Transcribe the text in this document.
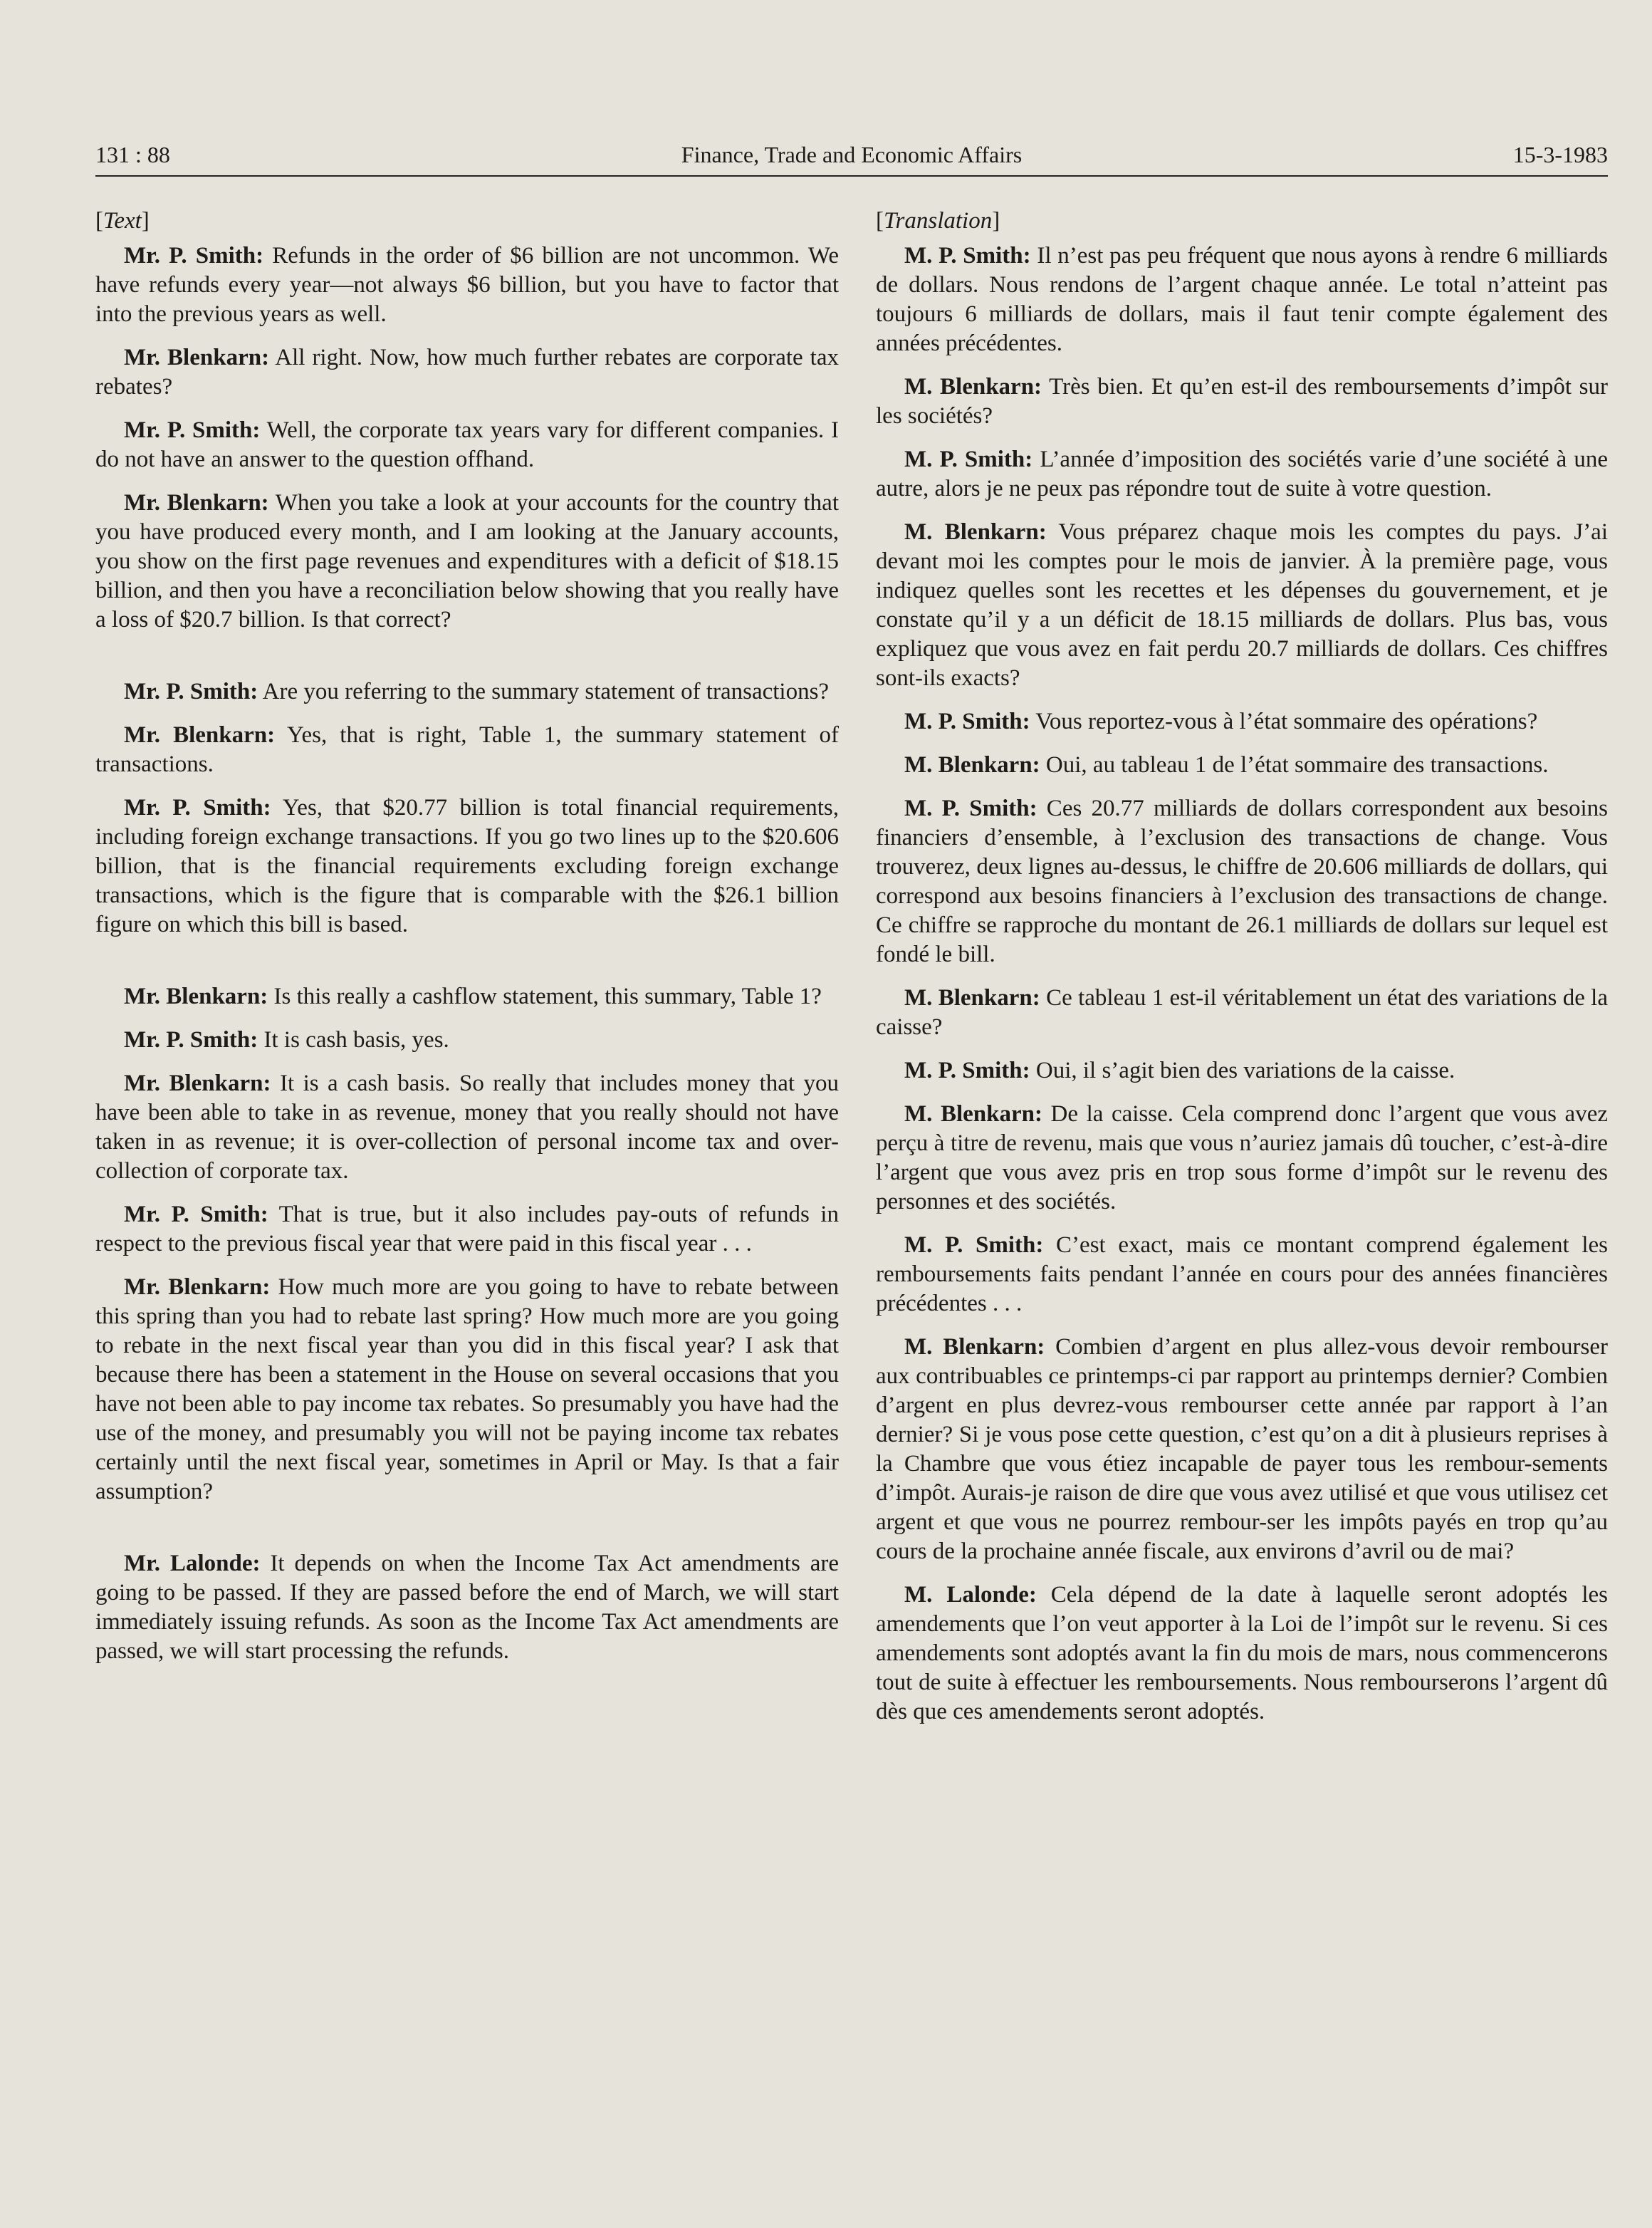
131 : 88	Finance, Trade and Economic Affairs	15-3-1983
[Text]

Mr. P. Smith: Refunds in the order of $6 billion are not uncommon. We have refunds every year—not always $6 billion, but you have to factor that into the previous years as well.

Mr. Blenkarn: All right. Now, how much further rebates are corporate tax rebates?

Mr. P. Smith: Well, the corporate tax years vary for different companies. I do not have an answer to the question offhand.

Mr. Blenkarn: When you take a look at your accounts for the country that you have produced every month, and I am looking at the January accounts, you show on the first page revenues and expenditures with a deficit of $18.15 billion, and then you have a reconciliation below showing that you really have a loss of $20.7 billion. Is that correct?

Mr. P. Smith: Are you referring to the summary statement of transactions?

Mr. Blenkarn: Yes, that is right, Table 1, the summary statement of transactions.

Mr. P. Smith: Yes, that $20.77 billion is total financial requirements, including foreign exchange transactions. If you go two lines up to the $20.606 billion, that is the financial requirements excluding foreign exchange transactions, which is the figure that is comparable with the $26.1 billion figure on which this bill is based.

Mr. Blenkarn: Is this really a cashflow statement, this summary, Table 1?

Mr. P. Smith: It is cash basis, yes.

Mr. Blenkarn: It is a cash basis. So really that includes money that you have been able to take in as revenue, money that you really should not have taken in as revenue; it is over-collection of personal income tax and over-collection of corporate tax.

Mr. P. Smith: That is true, but it also includes pay-outs of refunds in respect to the previous fiscal year that were paid in this fiscal year . . .

Mr. Blenkarn: How much more are you going to have to rebate between this spring than you had to rebate last spring? How much more are you going to rebate in the next fiscal year than you did in this fiscal year? I ask that because there has been a statement in the House on several occasions that you have not been able to pay income tax rebates. So presumably you have had the use of the money, and presumably you will not be paying income tax rebates certainly until the next fiscal year, sometimes in April or May. Is that a fair assumption?

Mr. Lalonde: It depends on when the Income Tax Act amendments are going to be passed. If they are passed before the end of March, we will start immediately issuing refunds. As soon as the Income Tax Act amendments are passed, we will start processing the refunds.

[Translation]

M. P. Smith: Il n’est pas peu fréquent que nous ayons à rendre 6 milliards de dollars. Nous rendons de l’argent chaque année. Le total n’atteint pas toujours 6 milliards de dollars, mais il faut tenir compte également des années précédentes.

M. Blenkarn: Très bien. Et qu’en est-il des remboursements d’impôt sur les sociétés?

M. P. Smith: L’année d’imposition des sociétés varie d’une société à une autre, alors je ne peux pas répondre tout de suite à votre question.

M. Blenkarn: Vous préparez chaque mois les comptes du pays. J’ai devant moi les comptes pour le mois de janvier. À la première page, vous indiquez quelles sont les recettes et les dépenses du gouvernement, et je constate qu’il y a un déficit de 18.15 milliards de dollars. Plus bas, vous expliquez que vous avez en fait perdu 20.7 milliards de dollars. Ces chiffres sont-ils exacts?

M. P. Smith: Vous reportez-vous à l’état sommaire des opérations?

M. Blenkarn: Oui, au tableau 1 de l’état sommaire des transactions.

M. P. Smith: Ces 20.77 milliards de dollars correspondent aux besoins financiers d’ensemble, à l’exclusion des transactions de change. Vous trouverez, deux lignes au-dessus, le chiffre de 20.606 milliards de dollars, qui correspond aux besoins financiers à l’exclusion des transactions de change. Ce chiffre se rapproche du montant de 26.1 milliards de dollars sur lequel est fondé le bill.

M. Blenkarn: Ce tableau 1 est-il véritablement un état des variations de la caisse?

M. P. Smith: Oui, il s’agit bien des variations de la caisse.

M. Blenkarn: De la caisse. Cela comprend donc l’argent que vous avez perçu à titre de revenu, mais que vous n’auriez jamais dû toucher, c’est-à-dire l’argent que vous avez pris en trop sous forme d’impôt sur le revenu des personnes et des sociétés.

M. P. Smith: C’est exact, mais ce montant comprend également les remboursements faits pendant l’année en cours pour des années financières précédentes . . .

M. Blenkarn: Combien d’argent en plus allez-vous devoir rembourser aux contribuables ce printemps-ci par rapport au printemps dernier? Combien d’argent en plus devrez-vous rembourser cette année par rapport à l’an dernier? Si je vous pose cette question, c’est qu’on a dit à plusieurs reprises à la Chambre que vous étiez incapable de payer tous les rembour-sements d’impôt. Aurais-je raison de dire que vous avez utilisé et que vous utilisez cet argent et que vous ne pourrez rembour-ser les impôts payés en trop qu’au cours de la prochaine année fiscale, aux environs d’avril ou de mai?

M. Lalonde: Cela dépend de la date à laquelle seront adoptés les amendements que l’on veut apporter à la Loi de l’impôt sur le revenu. Si ces amendements sont adoptés avant la fin du mois de mars, nous commencerons tout de suite à effectuer les remboursements. Nous rembourserons l’argent dû dès que ces amendements seront adoptés.
